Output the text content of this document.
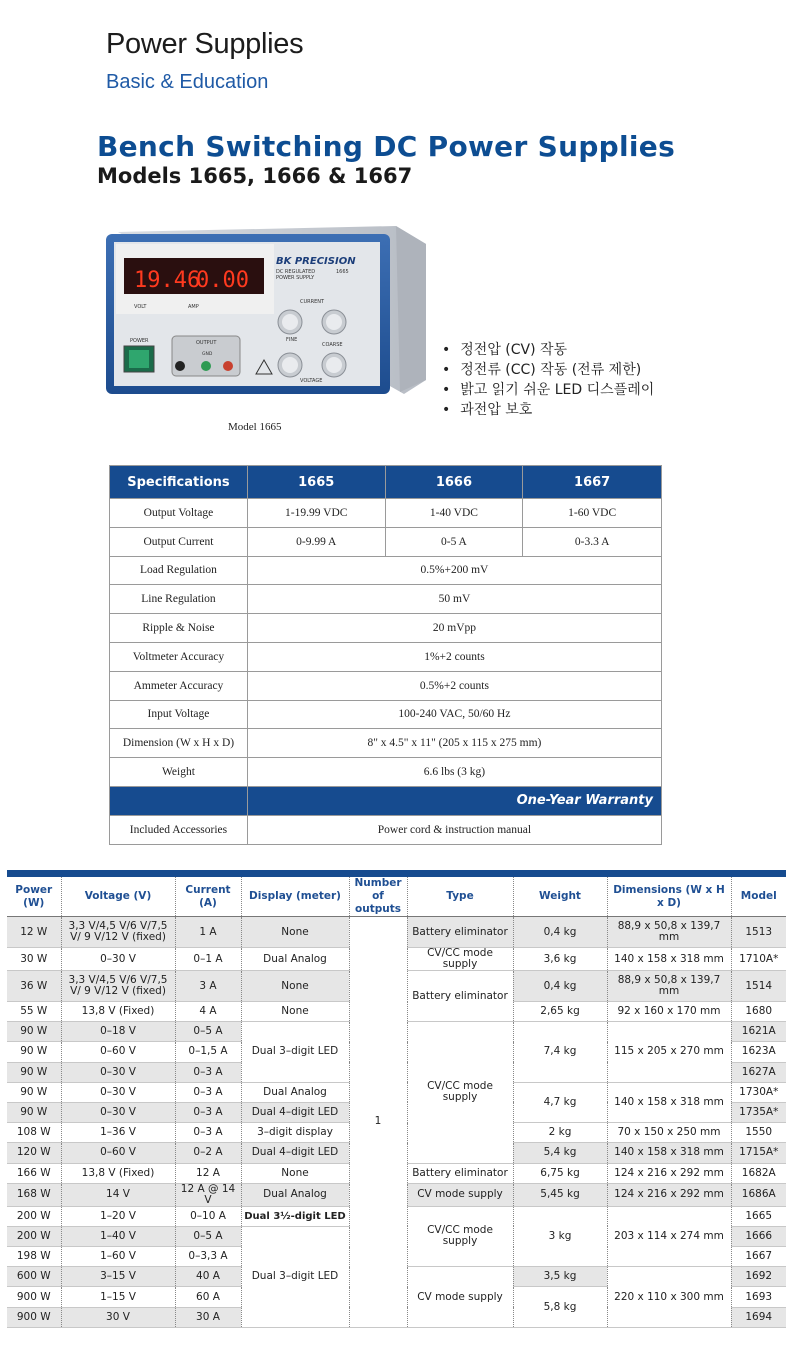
Power Supplies
Basic & Education
Bench Switching DC Power Supplies
Models 1665, 1666 & 1667
19.46
0.00
VOLT	AMP
BK PRECISION
DC REGULATED
POWER SUPPLY
1665
CURRENT
FINE
COARSE
VOLTAGE
POWER	OUTPUT
GND
Model 1665
• 정전압 (CV) 작동
• 정전류 (CC) 작동 (전류 제한)
• 밝고 읽기 쉬운 LED 디스플레이
• 과전압 보호
Specifications	1665	1666	1667
Output Voltage	1-19.99 VDC	1-40 VDC	1-60 VDC
Output Current	0-9.99 A	0-5 A	0-3.3 A
Load Regulation	0.5%+200 mV		
Line Regulation	50 mV		
Ripple & Noise	20 mVpp		
Voltmeter Accuracy	1%+2 counts		
Ammeter Accuracy	0.5%+2 counts		
Input Voltage	100-240 VAC, 50/60 Hz		
Dimension (W x H x D)	8" x 4.5" x 11" (205 x 115 x 275 mm)		
Weight	6.6 lbs (3 kg)		
	One-Year Warranty		
Included Accessories	Power cord & instruction manual		
Power (W)	Voltage (V)	Current (A)	Display (meter)	Number of outputs	Type	Weight	Dimensions (W x H x D)	Model
12 W	3,3 V/4,5 V/6 V/7,5 V/ 9 V/12 V (fixed)	1 A	None	1	Battery eliminator	0,4 kg	88,9 x 50,8 x 139,7 mm	1513
30 W	0–30 V	0–1 A	Dual Analog		CV/CC mode supply	3,6 kg	140 x 158 x 318 mm	1710A*
36 W	3,3 V/4,5 V/6 V/7,5 V/ 9 V/12 V (fixed)	3 A	None		Battery eliminator	0,4 kg	88,9 x 50,8 x 139,7 mm	1514
55 W	13,8 V (Fixed)	4 A	None			2,65 kg	92 x 160 x 170 mm	1680
90 W	0–18 V	0–5 A	Dual 3–digit LED		CV/CC mode supply	7,4 kg	115 x 205 x 270 mm	1621A
90 W	0–60 V	0–1,5 A						1623A
90 W	0–30 V	0–3 A						1627A
90 W	0–30 V	0–3 A	Dual Analog			4,7 kg	140 x 158 x 318 mm	1730A*
90 W	0–30 V	0–3 A	Dual 4–digit LED					1735A*
108 W	1–36 V	0–3 A	3–digit display			2 kg	70 x 150 x 250 mm	1550
120 W	0–60 V	0–2 A	Dual 4–digit LED			5,4 kg	140 x 158 x 318 mm	1715A*
166 W	13,8 V (Fixed)	12 A	None		Battery eliminator	6,75 kg	124 x 216 x 292 mm	1682A
168 W	14 V	12 A @ 14 V	Dual Analog		CV mode supply	5,45 kg	124 x 216 x 292 mm	1686A
200 W	1–20 V	0–10 A	Dual 3½-digit LED		CV/CC mode supply	3 kg	203 x 114 x 274 mm	1665
200 W	1–40 V	0–5 A	Dual 3–digit LED					1666
198 W	1–60 V	0–3,3 A						1667
600 W	3–15 V	40 A			CV mode supply	3,5 kg	220 x 110 x 300 mm	1692
900 W	1–15 V	60 A				5,8 kg		1693
900 W	30 V	30 A						1694
